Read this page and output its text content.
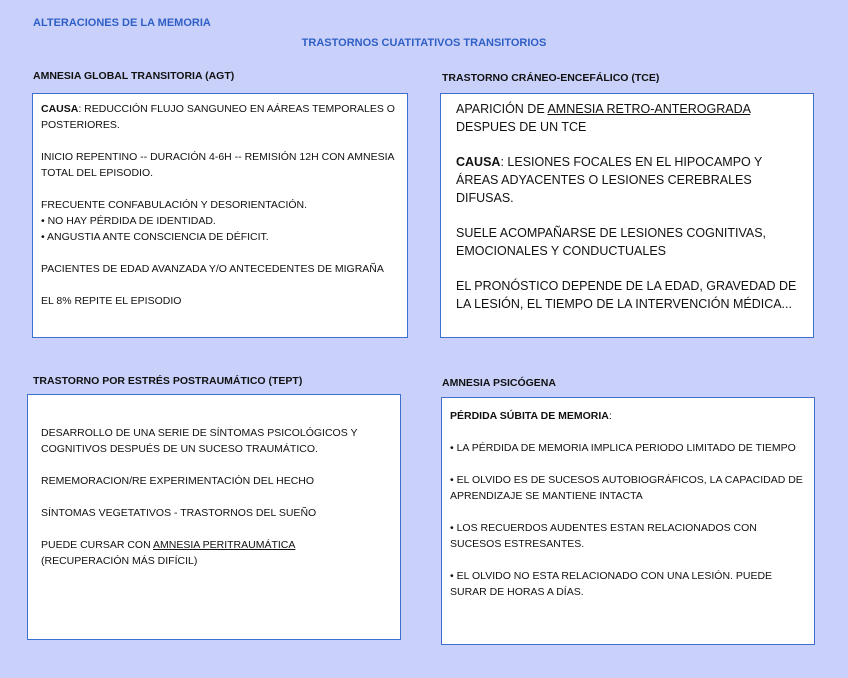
ALTERACIONES DE LA MEMORIA
TRASTORNOS CUATITATIVOS TRANSITORIOS
AMNESIA GLOBAL TRANSITORIA (AGT)

CAUSA: REDUCCIÓN FLUJO SANGUNEO EN AÁREAS TEMPORALES O POSTERIORES.

INICIO REPENTINO -- DURACIÓN 4-6H -- REMISIÓN 12H CON AMNESIA TOTAL DEL EPISODIO.

FRECUENTE CONFABULACIÓN Y DESORIENTACIÓN.

• NO HAY PÉRDIDA DE IDENTIDAD.

• ANGUSTIA ANTE CONSCIENCIA DE DÉFICIT.

PACIENTES DE EDAD AVANZADA Y/O ANTECEDENTES DE MIGRAÑA

EL 8% REPITE EL EPISODIO

TRASTORNO CRÁNEO-ENCEFÁLICO (TCE)

APARICIÓN DE AMNESIA RETRO-ANTEROGRADA DESPUES DE UN TCE

CAUSA: LESIONES FOCALES EN EL HIPOCAMPO Y ÁREAS ADYACENTES O LESIONES CEREBRALES DIFUSAS.

SUELE ACOMPAÑARSE DE LESIONES COGNITIVAS, EMOCIONALES Y CONDUCTUALES

EL PRONÓSTICO DEPENDE DE LA EDAD, GRAVEDAD DE LA LESIÓN, EL TIEMPO DE LA INTERVENCIÓN MÉDICA...

TRASTORNO POR ESTRÉS POSTRAUMÁTICO (TEPT)

DESARROLLO DE UNA SERIE DE SÍNTOMAS PSICOLÓGICOS Y COGNITIVOS DESPUÉS DE UN SUCESO TRAUMÁTICO.

REMEMORACION/RE EXPERIMENTACIÓN DEL HECHO

SÍNTOMAS VEGETATIVOS - TRASTORNOS DEL SUEÑO

PUEDE CURSAR CON AMNESIA PERITRAUMÁTICA

(RECUPERACIÓN MÁS DIFÍCIL)

AMNESIA PSICÓGENA

PÉRDIDA SÚBITA DE MEMORIA:

• LA PÉRDIDA DE MEMORIA IMPLICA PERIODO LIMITADO DE TIEMPO

• EL OLVIDO ES DE SUCESOS AUTOBIOGRÁFICOS, LA CAPACIDAD DE APRENDIZAJE SE MANTIENE INTACTA

• LOS RECUERDOS AUDENTES ESTAN RELACIONADOS CON SUCESOS ESTRESANTES.

• EL OLVIDO NO ESTA RELACIONADO CON UNA LESIÓN. PUEDE SURAR DE HORAS A DÍAS.
